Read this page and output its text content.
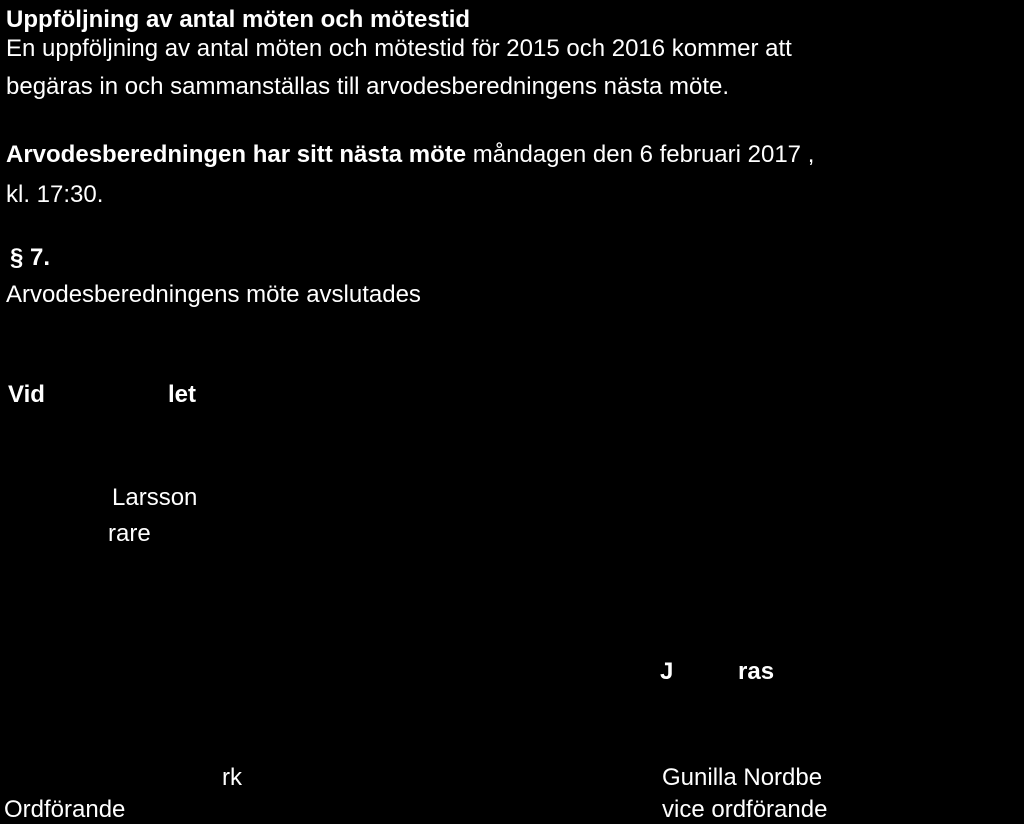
Uppföljning av antal möten och mötestid
En uppföljning av antal möten och mötestid för 2015 och 2016 kommer att
begäras in och sammanställas till arvodesberedningens nästa möte.
Arvodesberedningen har sitt nästa möte måndagen den 6 februari 2017 ,
kl. 17:30.
§ 7.
Arvodesberedningens möte avslutades
Vid	let
Larsson
rare
J	ras
rk	Gunilla Nordbe
Ordförande	vice ordförande
